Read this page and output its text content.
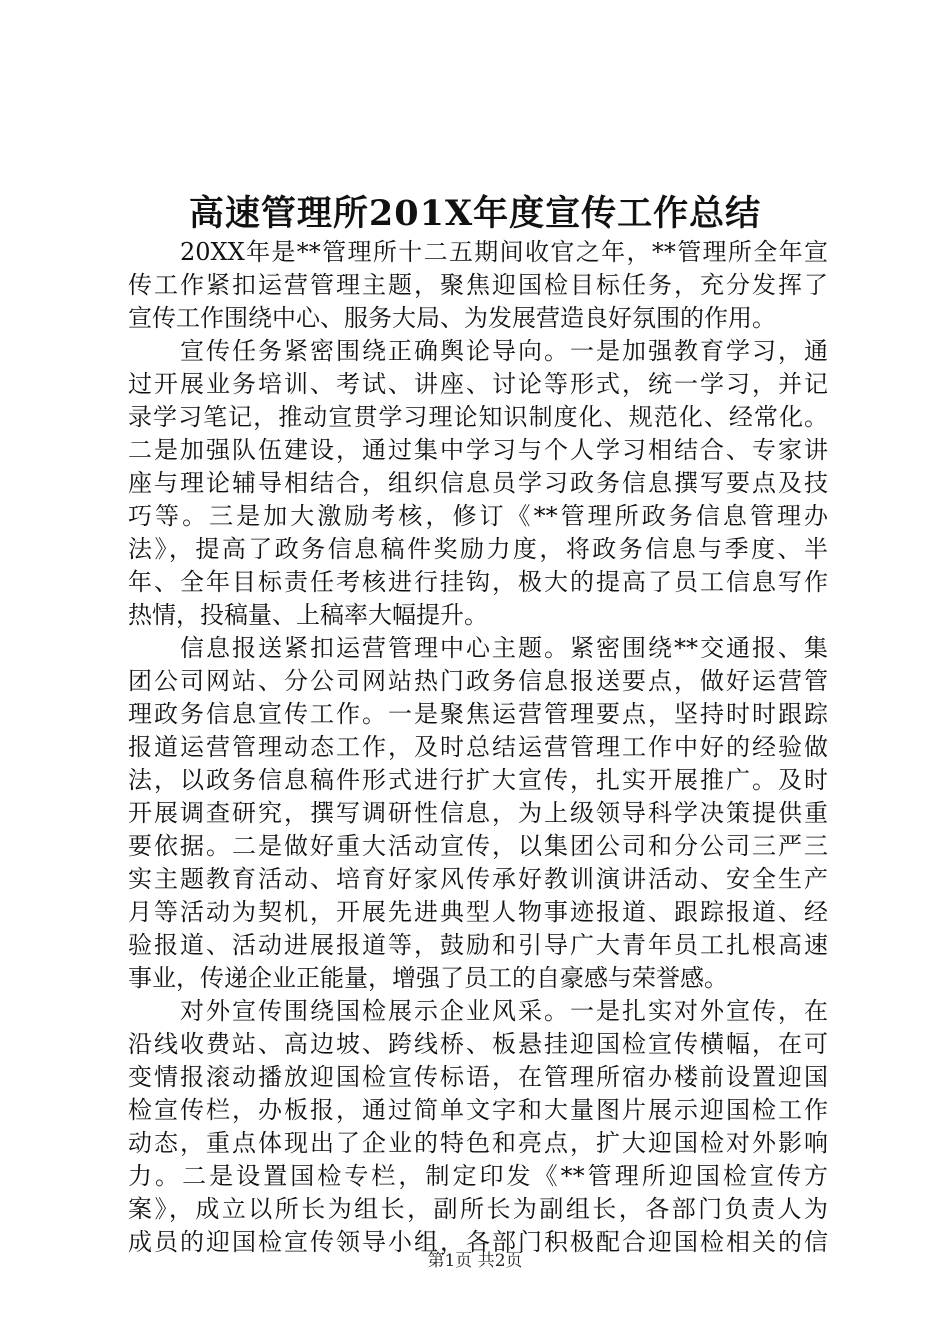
高速管理所201X年度宣传工作总结
20XX年是**管理所十二五期间收官之年，**管理所全年宣
传工作紧扣运营管理主题，聚焦迎国检目标任务，充分发挥了
宣传工作围绕中心、服务大局、为发展营造良好氛围的作用。
宣传任务紧密围绕正确舆论导向。一是加强教育学习，通
过开展业务培训、考试、讲座、讨论等形式，统一学习，并记
录学习笔记，推动宣贯学习理论知识制度化、规范化、经常化。
二是加强队伍建设，通过集中学习与个人学习相结合、专家讲
座与理论辅导相结合，组织信息员学习政务信息撰写要点及技
巧等。三是加大激励考核，修订《**管理所政务信息管理办
法》，提高了政务信息稿件奖励力度，将政务信息与季度、半
年、全年目标责任考核进行挂钩，极大的提高了员工信息写作
热情，投稿量、上稿率大幅提升。
信息报送紧扣运营管理中心主题。紧密围绕**交通报、集
团公司网站、分公司网站热门政务信息报送要点，做好运营管
理政务信息宣传工作。一是聚焦运营管理要点，坚持时时跟踪
报道运营管理动态工作，及时总结运营管理工作中好的经验做
法，以政务信息稿件形式进行扩大宣传，扎实开展推广。及时
开展调查研究，撰写调研性信息，为上级领导科学决策提供重
要依据。二是做好重大活动宣传，以集团公司和分公司三严三
实主题教育活动、培育好家风传承好教训演讲活动、安全生产
月等活动为契机，开展先进典型人物事迹报道、跟踪报道、经
验报道、活动进展报道等，鼓励和引导广大青年员工扎根高速
事业，传递企业正能量，增强了员工的自豪感与荣誉感。
对外宣传围绕国检展示企业风采。一是扎实对外宣传，在
沿线收费站、高边坡、跨线桥、板悬挂迎国检宣传横幅，在可
变情报滚动播放迎国检宣传标语，在管理所宿办楼前设置迎国
检宣传栏，办板报，通过简单文字和大量图片展示迎国检工作
动态，重点体现出了企业的特色和亮点，扩大迎国检对外影响
力。二是设置国检专栏，制定印发《**管理所迎国检宣传方
案》，成立以所长为组长，副所长为副组长，各部门负责人为
成员的迎国检宣传领导小组，各部门积极配合迎国检相关的信
第1页 共2页
